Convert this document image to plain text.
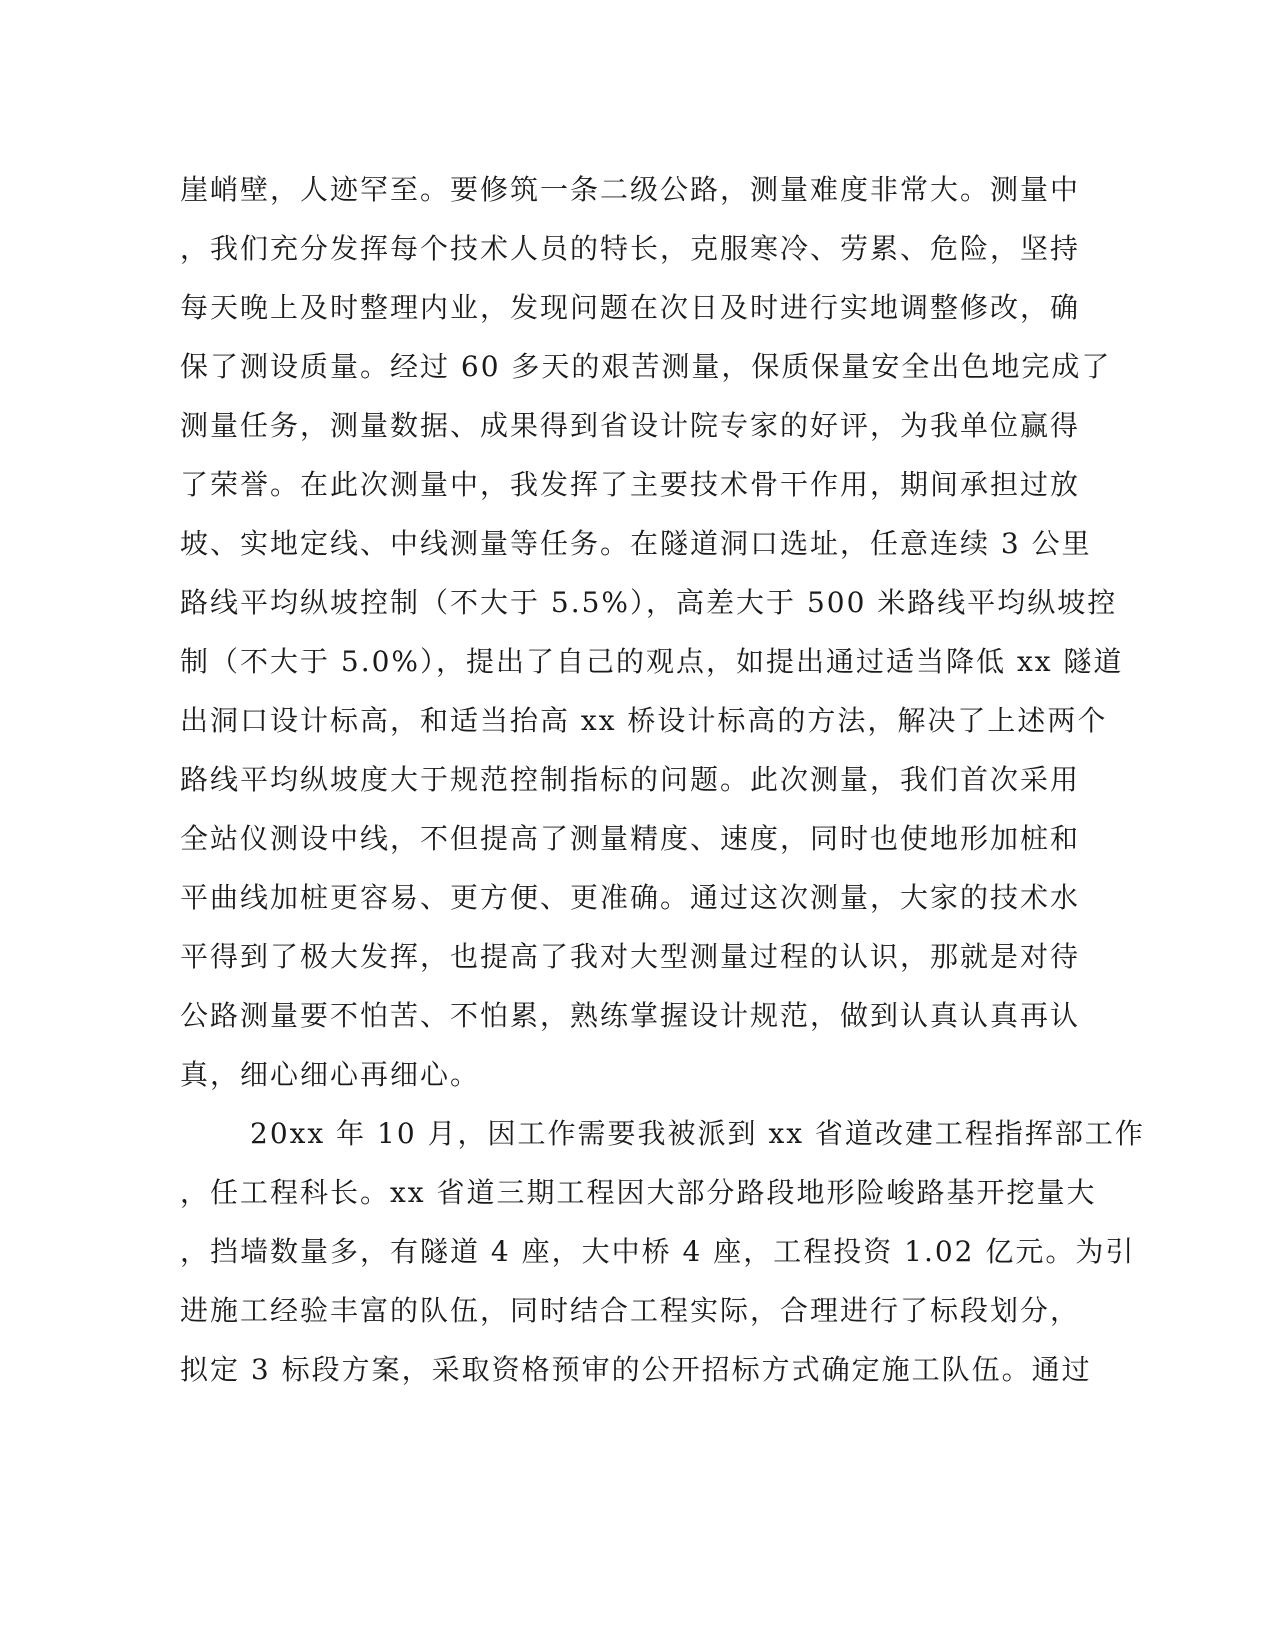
崖峭壁，人迹罕至。要修筑一条二级公路，测量难度非常大。测量中
，我们充分发挥每个技术人员的特长，克服寒冷、劳累、危险，坚持
每天晚上及时整理内业，发现问题在次日及时进行实地调整修改，确
保了测设质量。经过 60 多天的艰苦测量，保质保量安全出色地完成了
测量任务，测量数据、成果得到省设计院专家的好评，为我单位赢得
了荣誉。在此次测量中，我发挥了主要技术骨干作用，期间承担过放
坡、实地定线、中线测量等任务。在隧道洞口选址，任意连续 3 公里
路线平均纵坡控制（不大于 5.5%），高差大于 500 米路线平均纵坡控
制（不大于 5.0%），提出了自己的观点，如提出通过适当降低 xx 隧道
出洞口设计标高，和适当抬高 xx 桥设计标高的方法，解决了上述两个
路线平均纵坡度大于规范控制指标的问题。此次测量，我们首次采用
全站仪测设中线，不但提高了测量精度、速度，同时也使地形加桩和
平曲线加桩更容易、更方便、更准确。通过这次测量，大家的技术水
平得到了极大发挥，也提高了我对大型测量过程的认识，那就是对待
公路测量要不怕苦、不怕累，熟练掌握设计规范，做到认真认真再认
真，细心细心再细心。
20xx 年 10 月，因工作需要我被派到 xx 省道改建工程指挥部工作
，任工程科长。xx 省道三期工程因大部分路段地形险峻路基开挖量大
，挡墙数量多，有隧道 4 座，大中桥 4 座，工程投资 1.02 亿元。为引
进施工经验丰富的队伍，同时结合工程实际，合理进行了标段划分，
拟定 3 标段方案，采取资格预审的公开招标方式确定施工队伍。通过
